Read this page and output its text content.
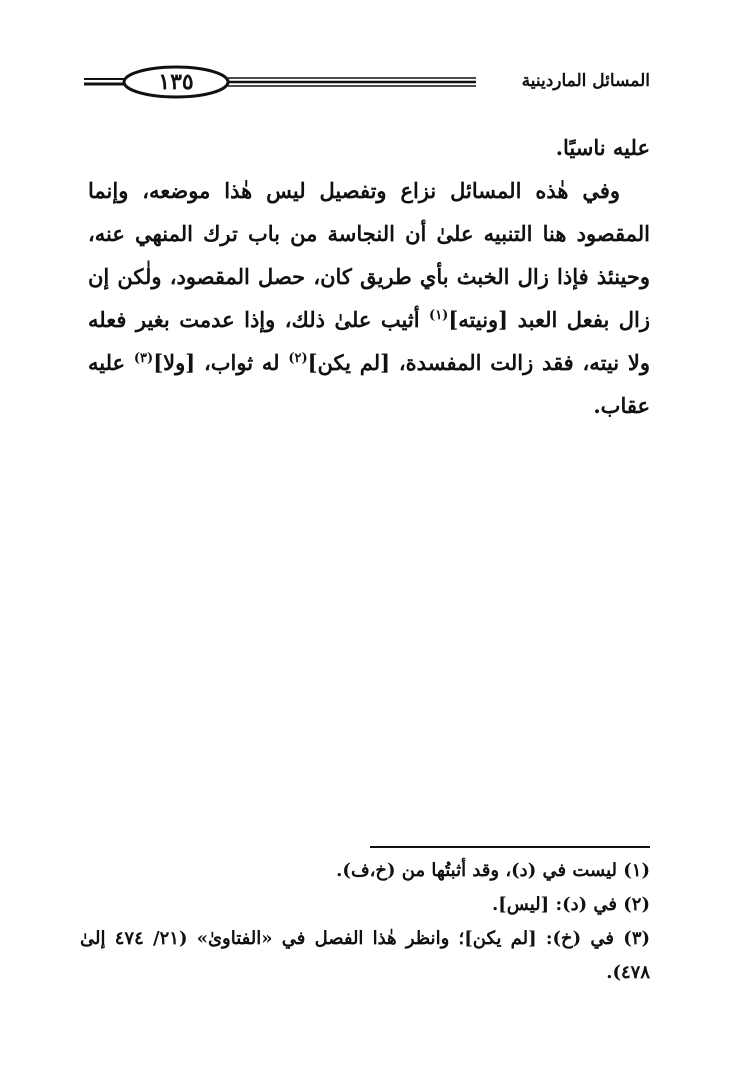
١٣٥	المسائل الماردينية

عليه ناسيًا.

وفي هٰذه المسائل نزاع وتفصيل ليس هٰذا موضعه، وإنما المقصود هنا التنبيه علىٰ أن النجاسة من باب ترك المنهي عنه، وحينئذ فإذا زال الخبث بأي طريق كان، حصل المقصود، ولٰكن إن زال بفعل العبد [ونيته]$^{(١)}$ أثيب علىٰ ذلك، وإذا عدمت بغير فعله ولا نيته، فقد زالت المفسدة، [لم يكن]$^{(٢)}$ له ثواب، [ولا]$^{(٣)}$ عليه عقاب.

(١) ليست في (د)، وقد أثبتُها من (خ،ف).

(٢) في (د): [ليس].

(٣) في (خ): [لم يكن]؛ وانظر هٰذا الفصل في «الفتاوىٰ» (٢١/ ٤٧٤ إلىٰ ٤٧٨).
